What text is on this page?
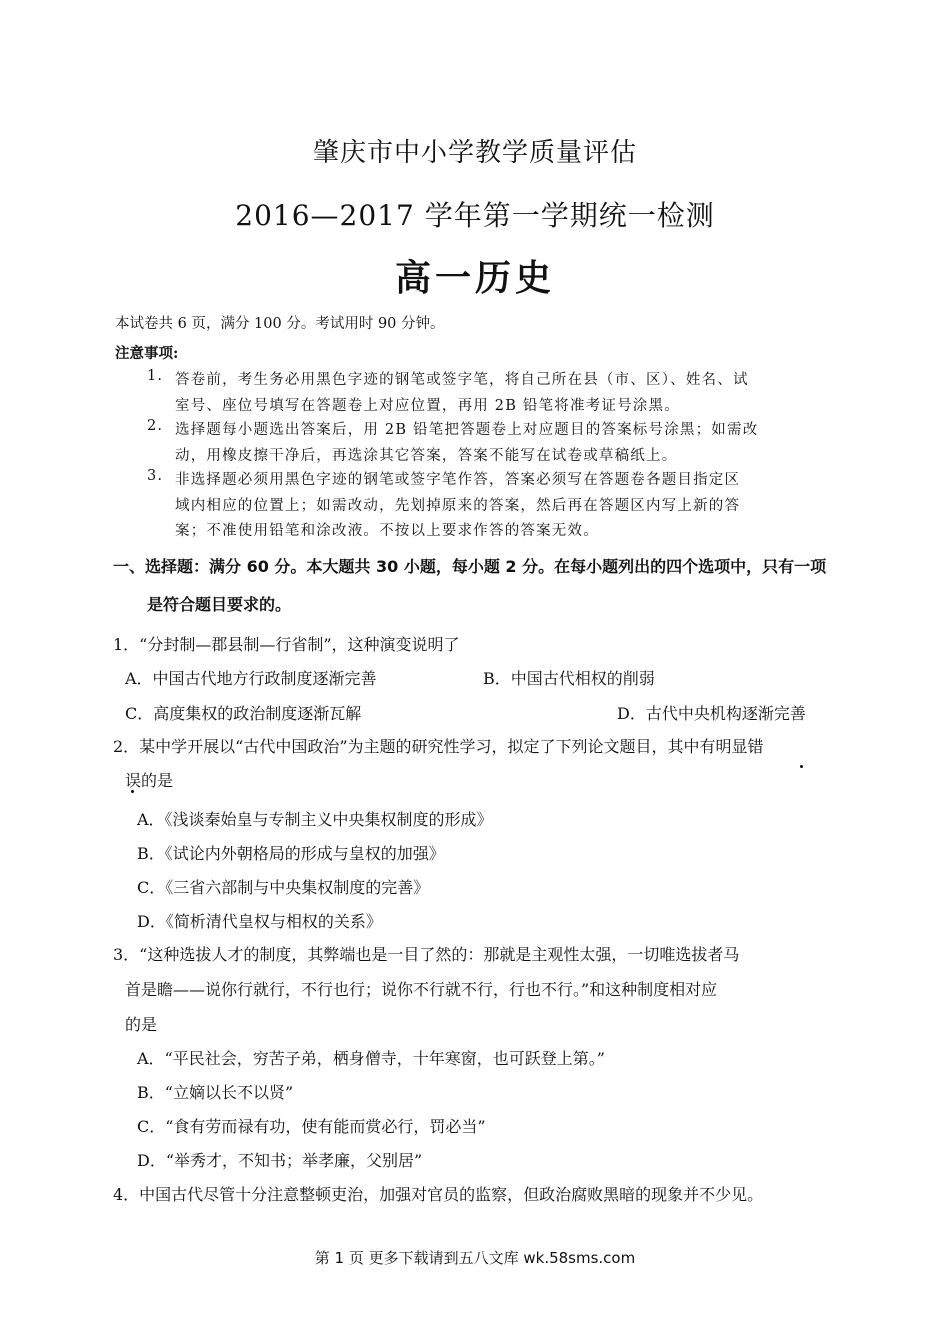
肇庆市中小学教学质量评估
2016—2017 学年第一学期统一检测
高一历史
本试卷共 6 页，满分 100 分。考试用时 90 分钟。
注意事项:
1. 答卷前，考生务必用黑色字迹的钢笔或签字笔，将自己所在县（市、区）、姓名、试
室号、座位号填写在答题卷上对应位置，再用 2B 铅笔将准考证号涂黑。
2. 选择题每小题选出答案后，用 2B 铅笔把答题卷上对应题目的答案标号涂黑；如需改
动，用橡皮擦干净后，再选涂其它答案，答案不能写在试卷或草稿纸上。
3. 非选择题必须用黑色字迹的钢笔或签字笔作答，答案必须写在答题卷各题目指定区
域内相应的位置上；如需改动，先划掉原来的答案，然后再在答题区内写上新的答
案；不准使用铅笔和涂改液。不按以上要求作答的答案无效。
一、选择题：满分 60 分。本大题共 30 小题，每小题 2 分。在每小题列出的四个选项中，只有一项
是符合题目要求的。
1．“分封制—郡县制—行省制”，这种演变说明了
A．中国古代地方行政制度逐渐完善	B．中国古代相权的削弱
C．高度集权的政治制度逐渐瓦解	D．古代中央机构逐渐完善
2．某中学开展以“古代中国政治”为主题的研究性学习，拟定了下列论文题目，其中有明显错
误的是
A．《浅谈秦始皇与专制主义中央集权制度的形成》
B．《试论内外朝格局的形成与皇权的加强》
C．《三省六部制与中央集权制度的完善》
D．《简析清代皇权与相权的关系》
3．“这种选拔人才的制度，其弊端也是一目了然的：那就是主观性太强，一切唯选拔者马
首是瞻——说你行就行，不行也行；说你不行就不行，行也不行。”和这种制度相对应
的是
A．“平民社会，穷苦子弟，栖身僧寺，十年寒窗，也可跃登上第。”
B．“立嫡以长不以贤”
C．“食有劳而禄有功，使有能而赏必行，罚必当”
D．“举秀才，不知书；举孝廉，父别居”
4．中国古代尽管十分注意整顿吏治，加强对官员的监察，但政治腐败黑暗的现象并不少见。
第 1 页 更多下载请到五八文库 wk.58sms.com
